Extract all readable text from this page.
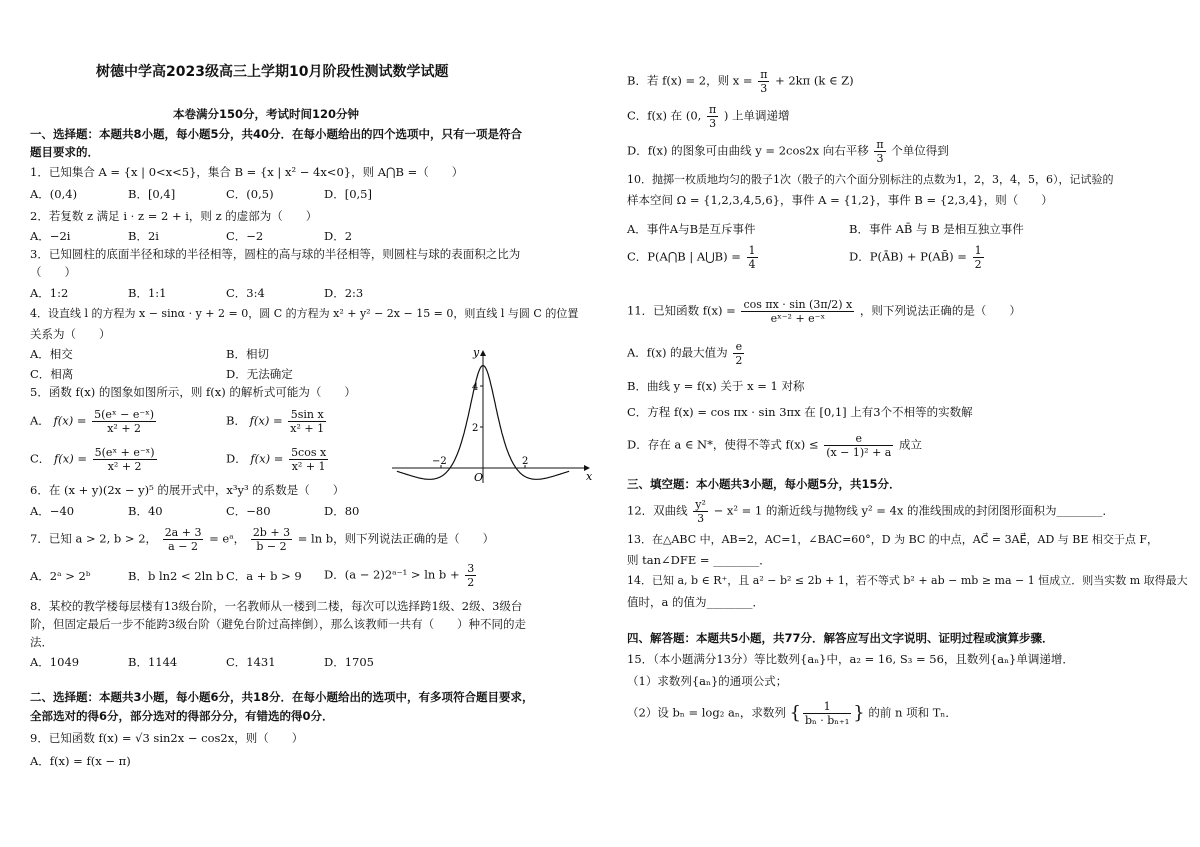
树德中学高2023级高三上学期10月阶段性测试数学试题
本卷满分150分，考试时间120分钟
一、选择题：本题共8小题，每小题5分，共40分．在每小题给出的四个选项中，只有一项是符合
题目要求的．
1．已知集合 A = {x | 0<x<5}，集合 B = {x | x² − 4x<0}，则 A⋂B =（　　）
A．(0,4)	B．[0,4]	C．(0,5)	D．[0,5]
2．若复数 z 满足 i · z = 2 + i，则 z 的虚部为（　　）
A．−2i	B．2i	C．−2	D．2
3．已知圆柱的底面半径和球的半径相等，圆柱的高与球的半径相等，则圆柱与球的表面积之比为
（　　）
A．1:2	B．1:1	C．3:4	D．2:3
4．设直线 l 的方程为 x − sinα · y + 2 = 0，圆 C 的方程为 x² + y² − 2x − 15 = 0，则直线 l 与圆 C 的位置
关系为（　　）
A．相交	B．相切
C．相离	D．无法确定
5．函数 f(x) 的图象如图所示，则 f(x) 的解析式可能为（　　）
A． $f(x) = \frac{\text{5(eˣ − e⁻ˣ)}}{\text{x² + 2}}$	B． $f(x) = \frac{\text{5sin x}}{\text{x² + 1}}$
C． $f(x) = \frac{\text{5(eˣ + e⁻ˣ)}}{\text{x² + 2}}$	D． $f(x) = \frac{\text{5cos x}}{\text{x² + 1}}$
6．在 (x + y)(2x − y)⁵ 的展开式中，x³y³ 的系数是（　　）
A．−40	B．40	C．−80	D．80
7．已知 a > 2, b > 2， $\frac{2a + 3}{a - 2}$ = eᵃ， $\frac{2b + 3}{b - 2} = \ln b$，则下列说法正确的是（　　）
A．2ᵃ > 2ᵇ	B．b ln2 < 2ln b C．a + b > 9 D．(a − 2)2ᵃ⁻¹ > $\ln b + \frac{3}{2}$
8．某校的教学楼每层楼有13级台阶，一名教师从一楼到二楼，每次可以选择跨1级、2级、3级台
阶，但固定最后一步不能跨3级台阶（避免台阶过高摔倒），那么该教师一共有（　　）种不同的走
法．
A．1049	B．1144	C．1431	D．1705
二、选择题：本题共3小题，每小题6分，共18分．在每小题给出的选项中，有多项符合题目要求，
全部选对的得6分，部分选对的得部分分，有错选的得0分．
9．已知函数 f(x) = √3 sin2x − cos2x，则（　　）
A．f(x) = f(x − π)
y
x
O
4
2
−2	2
B．若 f(x) = 2，则 $x = \frac{\pi}{3} + 2k\pi$ (k ∈ Z)
C．f(x) 在 (0, $\frac{\pi}{3}$ ) 上单调递增
D．f(x) 的图象可由曲线 y = 2cos2x 向右平移 $\frac{\pi}{3}$ 个单位得到
10．抛掷一枚质地均匀的骰子1次（骰子的六个面分别标注的点数为1，2，3，4，5，6），记试验的
样本空间 Ω = {1,2,3,4,5,6}，事件 A = {1,2}，事件 B = {2,3,4}，则（　　）
A．事件A与B是互斥事件	B．事件 AB̄ 与 B 是相互独立事件
C．P(A⋂B | A⋃B) = $\frac{1}{4}$	D．P(ĀB) + P(AB̄) = $\frac{1}{2}$
11．已知函数 $f(x) = \frac{\text{cos πx · sin (3π/2) x}}{\text{eˣ⁻² + e⁻ˣ}}$ ，则下列说法正确的是（　　）
A．f(x) 的最大值为 $\frac{e}{2}$
B．曲线 y = f(x) 关于 x = 1 对称
C．方程 f(x) = cos πx · sin 3πx 在 [0,1] 上有3个不相等的实数解
D．存在 a ∈ N*，使得不等式 $f(x) \le \frac{e}{\text{(x − 1)² + a}}$ 成立
三、填空题：本小题共3小题，每小题5分，共15分．
12．双曲线 $\frac{\text{y²}}{3} - x^2 = 1$ 的渐近线与抛物线 y² = 4x 的准线围成的封闭图形面积为________．
13．在△ABC 中，AB=2，AC=1，∠BAC=60°，D 为 BC 的中点，AC⃗ = 3AE⃗，AD 与 BE 相交于点 F，
则 tan∠DFE = ________．
14．已知 a, b ∈ R⁺，且 a² − b² ≤ 2b + 1，若不等式 b² + ab − mb ≥ ma − 1 恒成立．则当实数 m 取得最大
值时，a 的值为________．
四、解答题：本题共5小题，共77分．解答应写出文字说明、证明过程或演算步骤．
15．（本小题满分13分）等比数列{aₙ}中，a₂ = 16, S₃ = 56，且数列{aₙ}单调递增．
（1）求数列{aₙ}的通项公式；
（2）设 bₙ = log₂ aₙ，求数列 { $\frac{1}{\text{bₙ · bₙ₊₁}}$ } 的前 n 项和 Tₙ．
